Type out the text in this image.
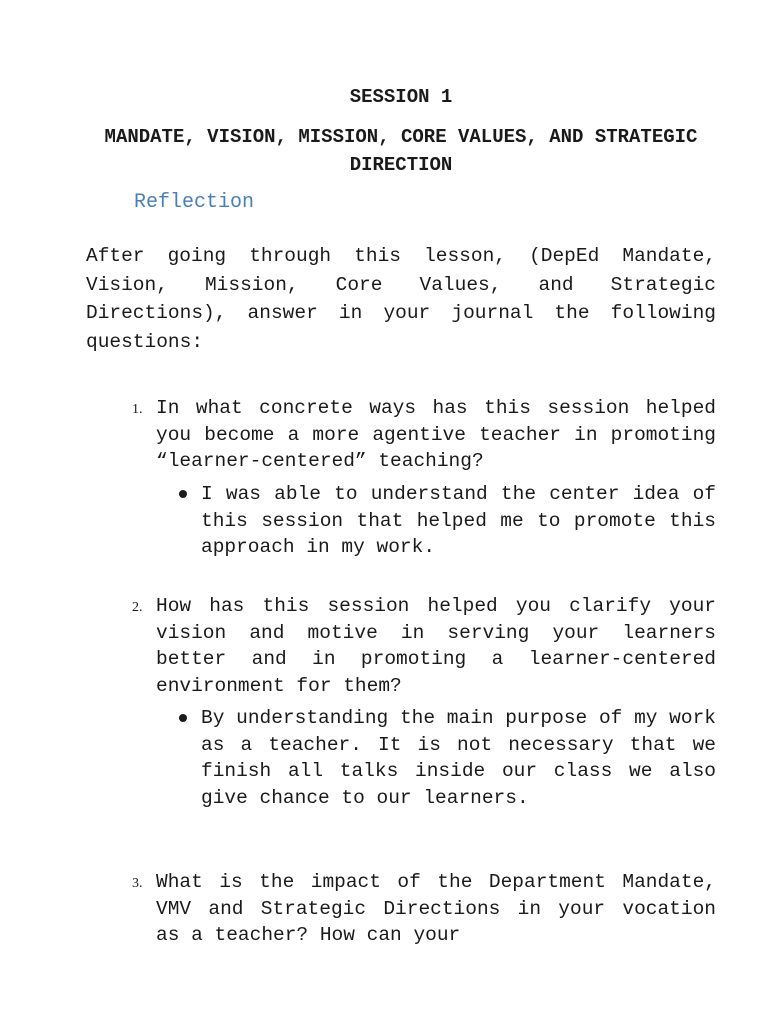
SESSION 1
MANDATE, VISION, MISSION, CORE VALUES, AND STRATEGIC DIRECTION
Reflection
After going through this lesson, (DepEd Mandate, Vision, Mission, Core Values, and Strategic Directions), answer in your journal the following questions:
1. In what concrete ways has this session helped you become a more agentive teacher in promoting “learner-centered” teaching?
I was able to understand the center idea of this session that helped me to promote this approach in my work.
2. How has this session helped you clarify your vision and motive in serving your learners better and in promoting a learner-centered environment for them?
By understanding the main purpose of my work as a teacher. It is not necessary that we finish all talks inside our class we also give chance to our learners.
3. What is the impact of the Department Mandate, VMV and Strategic Directions in your vocation as a teacher? How can your
